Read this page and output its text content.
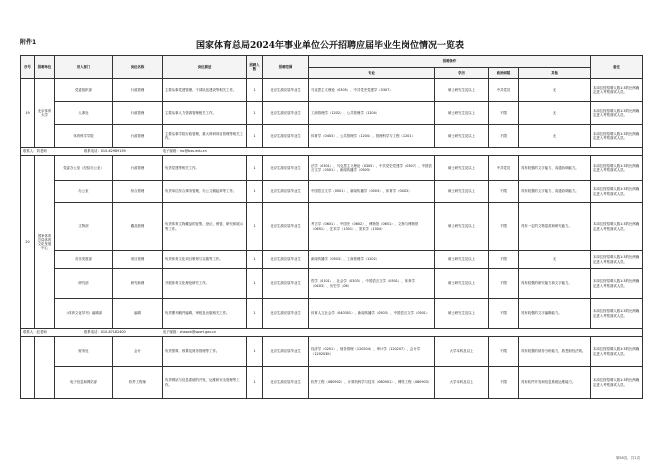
附件1	国家体育总局2024年事业单位公开招聘应届毕业生岗位情况一览表
序号	招聘单位	用人部门	岗位名称	岗位描述	招聘人数	招聘范围	招聘条件				备注
							专业	学历	政治面貌	其他	
19	北京体育大学	党委组织部	行政管理	主要从事党建管理、干部队伍建设等相关工作。	1	北京生源应届毕业生	马克思主义理论（0305）、中共党史党建学（0307）	硕士研究生及以上	中共党员	无	本岗位按招聘人数1:3的比例确定进入考察面试人员。
		人事处	行政管理	主要从事人力资源管理相关工作。	1	北京生源应届毕业生	工商管理学（1202）、公共管理学（1204）	硕士研究生及以上	不限	无	本岗位按招聘人数1:3的比例确定进入考察面试人员。
		体育科学学院	行政管理	主要从事学院行政管理、重大科研项目管理等相关工作。	1	北京生源应届毕业生	体育学（0403）、公共管理学（1204）、管理科学与工程（1201）	硕士研究生及以上	不限	无	本岗位按招聘人数1:3的比例确定进入考察面试人员。
联系人：刘老师 联系电话：010-62989139 电子邮箱：rsc@bsu.edu.cn											
20	国家体育总局体育文化发展中心	党委办公室（纪检办公室）	行政管理	负责党建等相关工作。	1	北京生源应届毕业生	法学（0301）、马克思主义理论（0305）、中共党史党建学（0307）、中国语言文学（0501）、新闻传播学（0503）	硕士研究生及以上	中共党员	具有较强的文字能力、沟通协调能力。	本岗位按招聘人数1:3的比例确定进入考察面试人员。
		办公室	综合管理	负责单位综合事务管理，办公文稿起草等工作。	1	北京生源应届毕业生	中国语言文学（0501）、新闻传播学（0503）、体育学（0403）	硕士研究生及以上	不限	具有较强的文字能力、沟通协调能力。	本岗位按招聘人数1:3的比例确定进入考察面试人员。
		文物部	藏品管理	负责体育文物藏品的征集、登记、保管、研究和展示等工作。	1	北京生源应届毕业生	考古学（0601）、中国史（0602）、博物馆（0651）、文物与博物馆（0651）、艺术学（1301）、美术学（1304）	硕士研究生及以上	不限	具有一定的文物鉴赏和研究能力。	本岗位按招聘人数1:3的比例确定进入考察面试人员。
		音乐发展部	项目管理	负责体育文化项目策划与实施等工作。	1	北京生源应届毕业生	新闻传播学（0503）、工商管理学（1202）	硕士研究生及以上	不限	无	本岗位按招聘人数1:3的比例确定进入考察面试人员。
		研究部	研究助理	开展体育文化理论研究工作。	1	北京生源应届毕业生	哲学（0101）、社会学（0303）、中国语言文学（0501）、体育学（0403）、历史学（06）	硕士研究生及以上	不限	具有较强的研究能力和文字能力。	本岗位按招聘人数1:3的比例确定进入考察面试人员。
		《体育文化导刊》编辑部	编辑	负责期刊稿件编辑、审校及出版相关工作。	1	北京生源应届毕业生	体育人文社会学（040301）、新闻传播学（0503）、中国语言文学（0501）	硕士研究生及以上	不限	具有较强的文字编辑能力。	本岗位按招聘人数1:3的比例确定进入考察面试人员。
联系人：赵老师 联系电话：010-87182400 电子邮箱：zhaoxh@sport.gov.cn											
		财务处	会计	负责预算、核算及财务管理等工作。	1	北京生源应届毕业生	经济学（0201）、财务管理（120204）、审计学（120207）、会计学（120203K）	大学本科及以上	不限	具有较强的财务分析能力，熟悉财经法规。	本岗位按招聘人数1:3的比例确定进入考察面试人员。
		电子信息和网站部	软件工程师	负责网站与信息系统的开发、运维和安全管理等工作。	1	北京生源应届毕业生	软件工程（080902）、计算机科学与技术（080901）、网络工程（080903）	大学本科及以上	不限	具有软件开发和信息系统运维能力。	本岗位按招聘人数1:3的比例确定进入考察面试人员。
第58页，共1页
